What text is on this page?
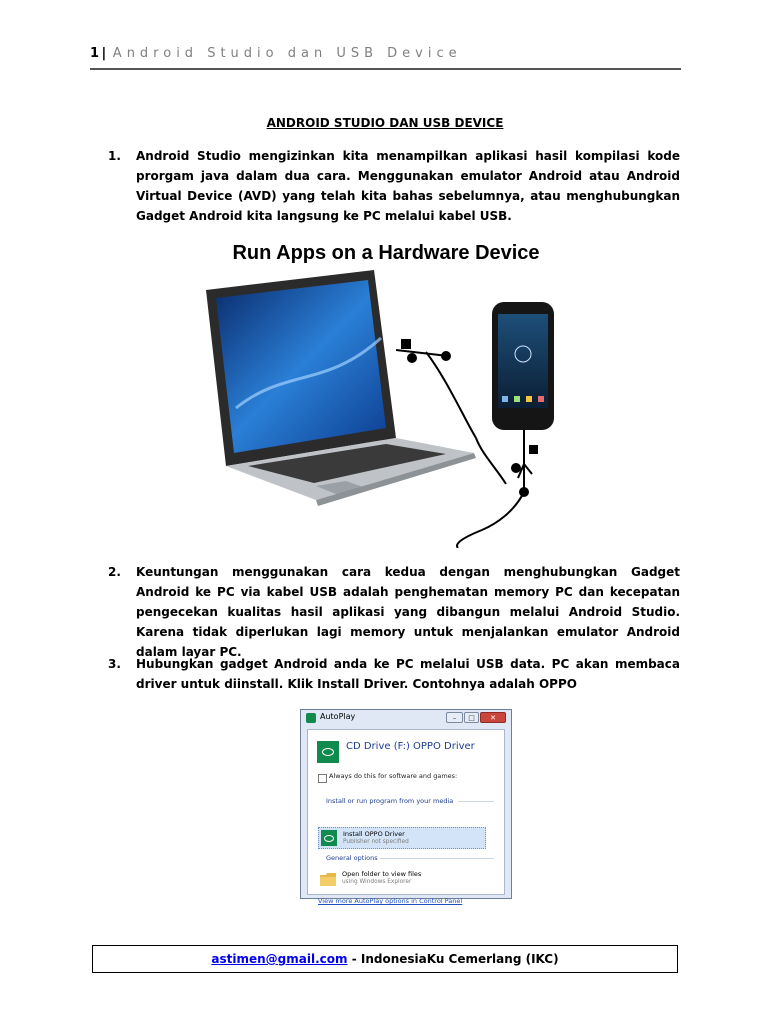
1 | Android Studio dan USB Device
ANDROID STUDIO DAN USB DEVICE
1. Android Studio mengizinkan kita menampilkan aplikasi hasil kompilasi kode prorgam java dalam dua cara. Menggunakan emulator Android atau Android Virtual Device (AVD) yang telah kita bahas sebelumnya, atau menghubungkan Gadget Android kita langsung ke PC melalui kabel USB.
Run Apps on a Hardware Device
2. Keuntungan menggunakan cara kedua dengan menghubungkan Gadget Android ke PC via kabel USB adalah penghematan memory PC dan kecepatan pengecekan kualitas hasil aplikasi yang dibangun melalui Android Studio. Karena tidak diperlukan lagi memory untuk menjalankan emulator Android dalam layar PC.
3. Hubungkan gadget Android anda ke PC melalui USB data. PC akan membaca driver untuk diinstall. Klik Install Driver. Contohnya adalah OPPO
AutoPlay	–	□	✕
CD Drive (F:) OPPO Driver
Always do this for software and games:
Install or run program from your media
Install OPPO Driver
Publisher not specified
General options
Open folder to view files
using Windows Explorer
View more AutoPlay options in Control Panel
astimen@gmail.com - IndonesiaKu Cemerlang (IKC)
